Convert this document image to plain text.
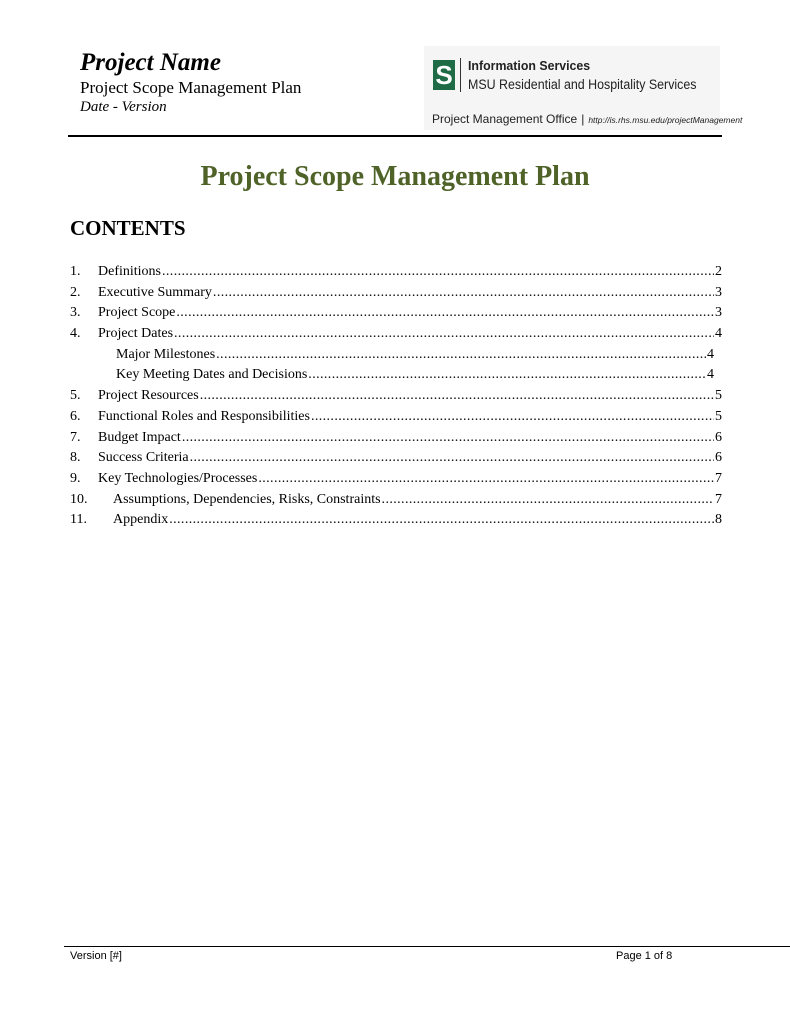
Project Name
Project Scope Management Plan
Date - Version
S Information Services
MSU Residential and Hospitality Services
Project Management Office | http://is.rhs.msu.edu/projectManagement
Project Scope Management Plan
CONTENTS
1.	Definitions .....	2
2.	Executive Summary .....	3
3.	Project Scope .....	3
4.	Project Dates .....	4
Major Milestones .....	4
Key Meeting Dates and Decisions .....	4
5.	Project Resources .....	5
6.	Functional Roles and Responsibilities .....	5
7.	Budget Impact .....	6
8.	Success Criteria .....	6
9.	Key Technologies/Processes .....	7
10.	Assumptions, Dependencies, Risks, Constraints .....	7
11.	Appendix .....	8
Version [#]	Page 1 of 8
